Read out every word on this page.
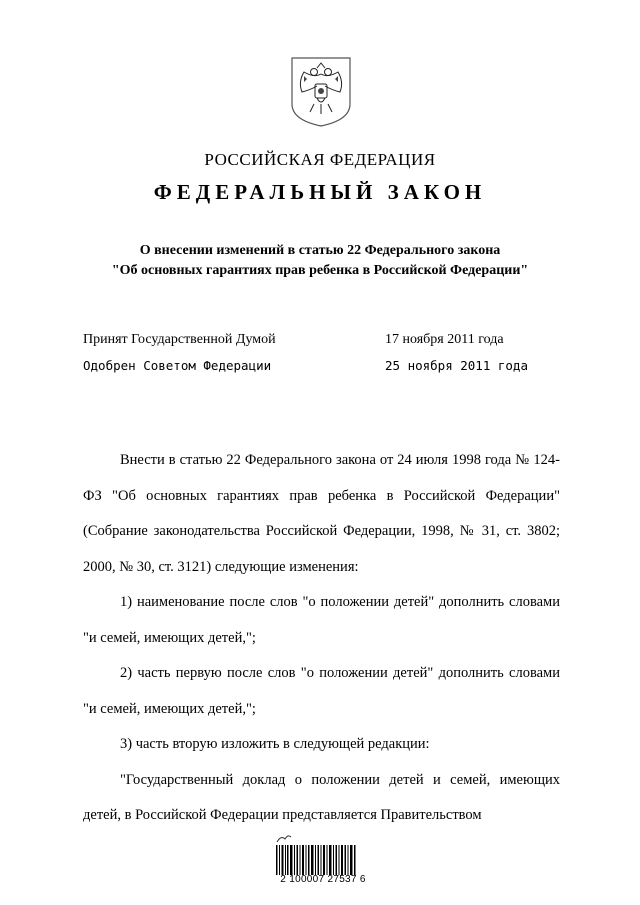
РОССИЙСКАЯ ФЕДЕРАЦИЯ
ФЕДЕРАЛЬНЫЙ ЗАКОН
О внесении изменений в статью 22 Федерального закона
"Об основных гарантиях прав ребенка в Российской Федерации"
Принят Государственной Думой	17 ноября 2011 года
Одобрен Советом Федерации	25 ноября 2011 года

Внести в статью 22 Федерального закона от 24 июля 1998 года № 124-ФЗ "Об основных гарантиях прав ребенка в Российской Федерации" (Собрание законодательства Российской Федерации, 1998, № 31, ст. 3802; 2000, № 30, ст. 3121) следующие изменения:

1) наименование после слов "о положении детей" дополнить словами "и семей, имеющих детей,";

2) часть первую после слов "о положении детей" дополнить словами "и семей, имеющих детей,";

3) часть вторую изложить в следующей редакции:

"Государственный доклад о положении детей и семей, имеющих детей, в Российской Федерации представляется Правительством

2 100007 27537 6
